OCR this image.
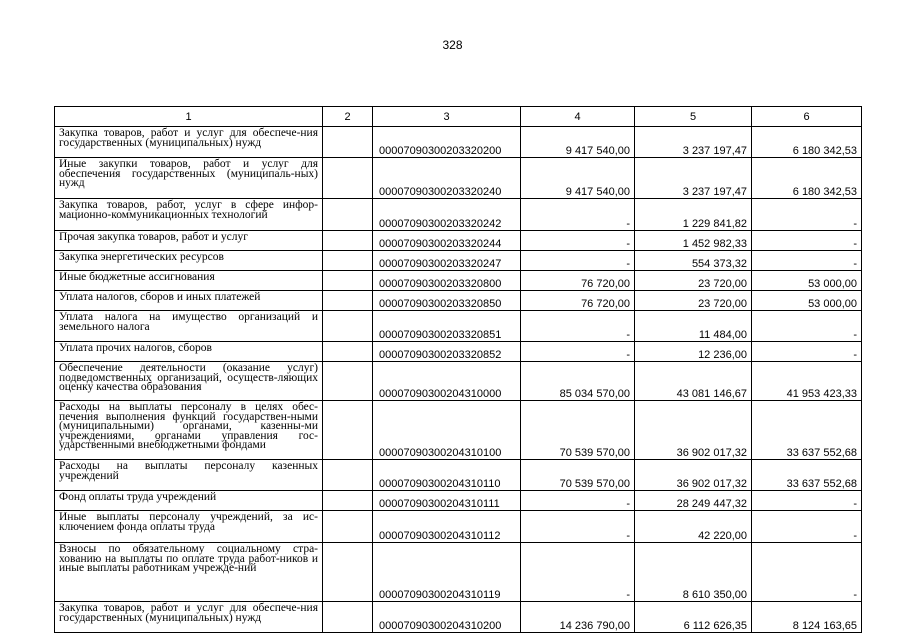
328
1	2	3	4	5	6
Закупка товаров, работ и услуг для обеспече-ния государственных (муниципальных) нужд		00007090300203320200	9 417 540,00	3 237 197,47	6 180 342,53
Иные закупки товаров, работ и услуг для обеспечения государственных (муниципаль-ных) нужд		00007090300203320240	9 417 540,00	3 237 197,47	6 180 342,53
Закупка товаров, работ, услуг в сфере инфор-мационно-коммуникационных технологий		00007090300203320242	-	1 229 841,82	-
Прочая закупка товаров, работ и услуг		00007090300203320244	-	1 452 982,33	-
Закупка энергетических ресурсов		00007090300203320247	-	554 373,32	-
Иные бюджетные ассигнования		00007090300203320800	76 720,00	23 720,00	53 000,00
Уплата налогов, сборов и иных платежей		00007090300203320850	76 720,00	23 720,00	53 000,00
Уплата налога на имущество организаций и земельного налога		00007090300203320851	-	11 484,00	-
Уплата прочих налогов, сборов		00007090300203320852	-	12 236,00	-
Обеспечение деятельности (оказание услуг) подведомственных организаций, осуществ-ляющих оценку качества образования		00007090300204310000	85 034 570,00	43 081 146,67	41 953 423,33
Расходы на выплаты персоналу в целях обес-печения выполнения функций государствен-ными (муниципальными) органами, казенны-ми учреждениями, органами управления гос-ударственными внебюджетными фондами		00007090300204310100	70 539 570,00	36 902 017,32	33 637 552,68
Расходы на выплаты персоналу казенных учреждений		00007090300204310110	70 539 570,00	36 902 017,32	33 637 552,68
Фонд оплаты труда учреждений		00007090300204310111	-	28 249 447,32	-
Иные выплаты персоналу учреждений, за ис-ключением фонда оплаты труда		00007090300204310112	-	42 220,00	-
Взносы по обязательному социальному стра-хованию на выплаты по оплате труда работ-ников и иные выплаты работникам учрежде-ний		00007090300204310119	-	8 610 350,00	-
Закупка товаров, работ и услуг для обеспече-ния государственных (муниципальных) нужд		00007090300204310200	14 236 790,00	6 112 626,35	8 124 163,65
